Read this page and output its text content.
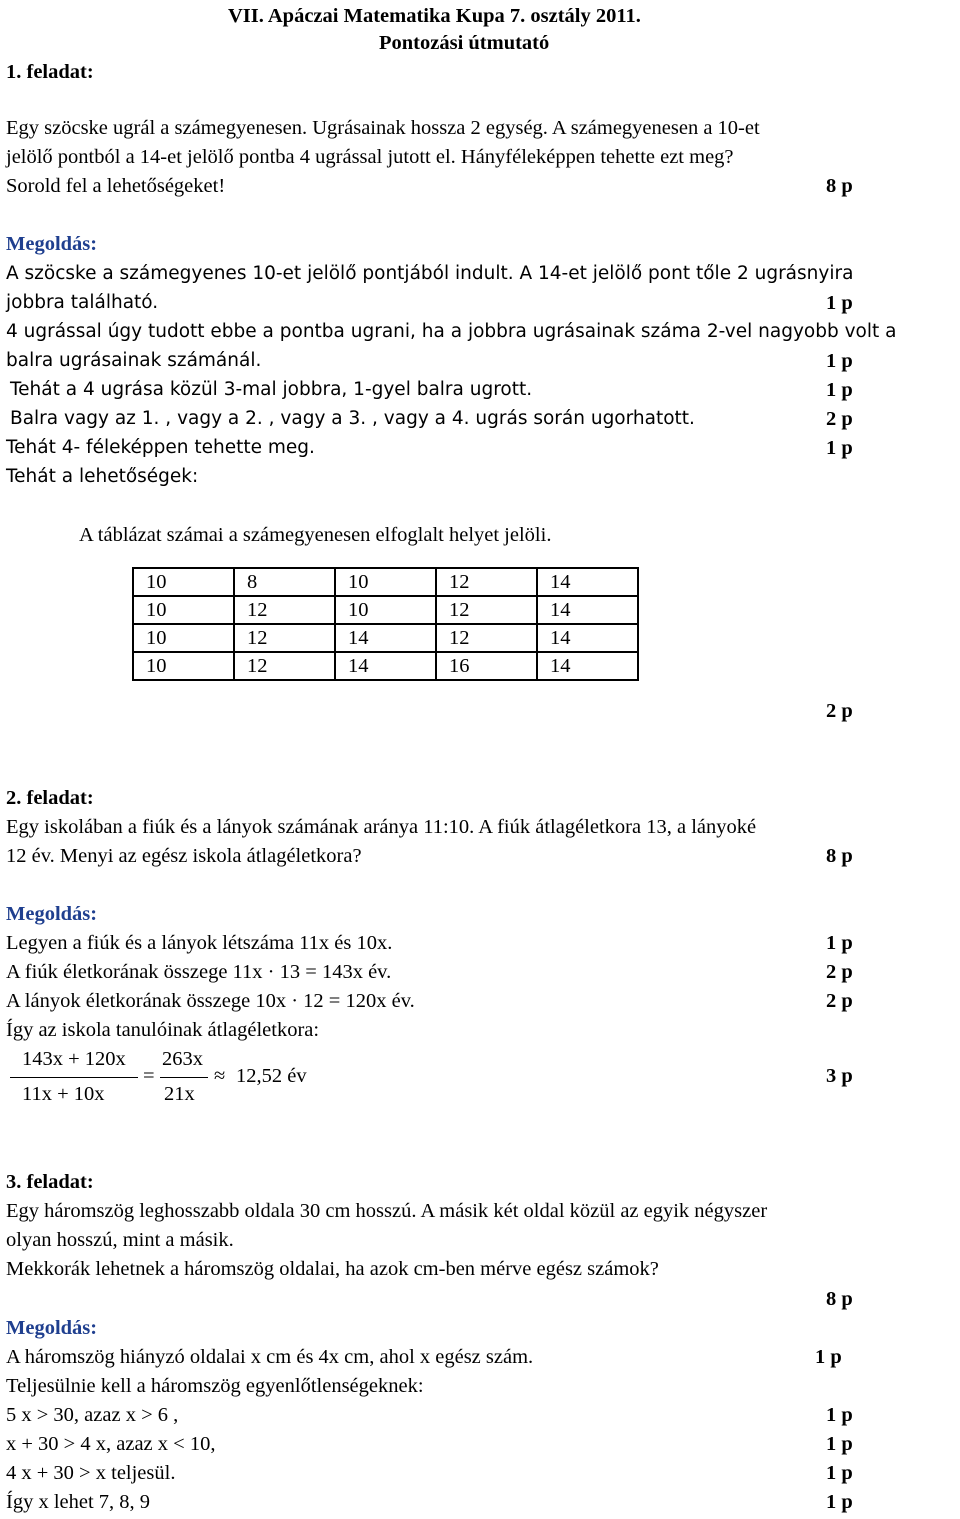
VII. Apáczai Matematika Kupa 7. osztály 2011.
Pontozási útmutató
1. feladat:
Egy szöcske ugrál a számegyenesen. Ugrásainak hossza 2 egység. A számegyenesen a 10-et
jelölő pontból a 14-et jelölő pontba 4 ugrással jutott el. Hányféleképpen tehette ezt meg?
Sorold fel a lehetőségeket!	8 p
Megoldás:
A szöcske a számegyenes 10-et jelölő pontjából indult. A 14-et jelölő pont tőle 2 ugrásnyira
jobbra található.	1 p
4 ugrással úgy tudott ebbe a pontba ugrani, ha a jobbra ugrásainak száma 2-vel nagyobb volt a
balra ugrásainak számánál.	1 p
Tehát a 4 ugrása közül 3-mal jobbra, 1-gyel balra ugrott.	1 p
Balra vagy az 1. , vagy a 2. , vagy a 3. , vagy a 4. ugrás során ugorhatott.	2 p
Tehát 4- féleképpen tehette meg.	1 p
Tehát a lehetőségek:
A táblázat számai a számegyenesen elfoglalt helyet jelöli.
10	8	10	12	14
10	12	10	12	14
10	12	14	12	14
10	12	14	16	14
2 p
2. feladat:
Egy iskolában a fiúk és a lányok számának aránya 11:10. A fiúk átlagéletkora 13, a lányoké
12 év. Menyi az egész iskola átlagéletkora?	8 p
Megoldás:
Legyen a fiúk és a lányok létszáma 11x és 10x.	1 p
A fiúk életkorának összege 11x · 13 = 143x év.	2 p
A lányok életkorának összege 10x · 12 = 120x év.	2 p
Így az iskola tanulóinak átlagéletkora:
143x + 120x
11x + 10x
=
263x
21x
≈ 12,52 év	3 p
3. feladat:
Egy háromszög leghosszabb oldala 30 cm hosszú. A másik két oldal közül az egyik négyszer
olyan hosszú, mint a másik.
Mekkorák lehetnek a háromszög oldalai, ha azok cm-ben mérve egész számok?
8 p
Megoldás:
A háromszög hiányzó oldalai x cm és 4x cm, ahol x egész szám.	1 p
Teljesülnie kell a háromszög egyenlőtlenségeknek:
5 x > 30, azaz x > 6 ,	1 p
x + 30 > 4 x, azaz x < 10,	1 p
4 x + 30 > x teljesül.	1 p
Így x lehet 7, 8, 9	1 p
